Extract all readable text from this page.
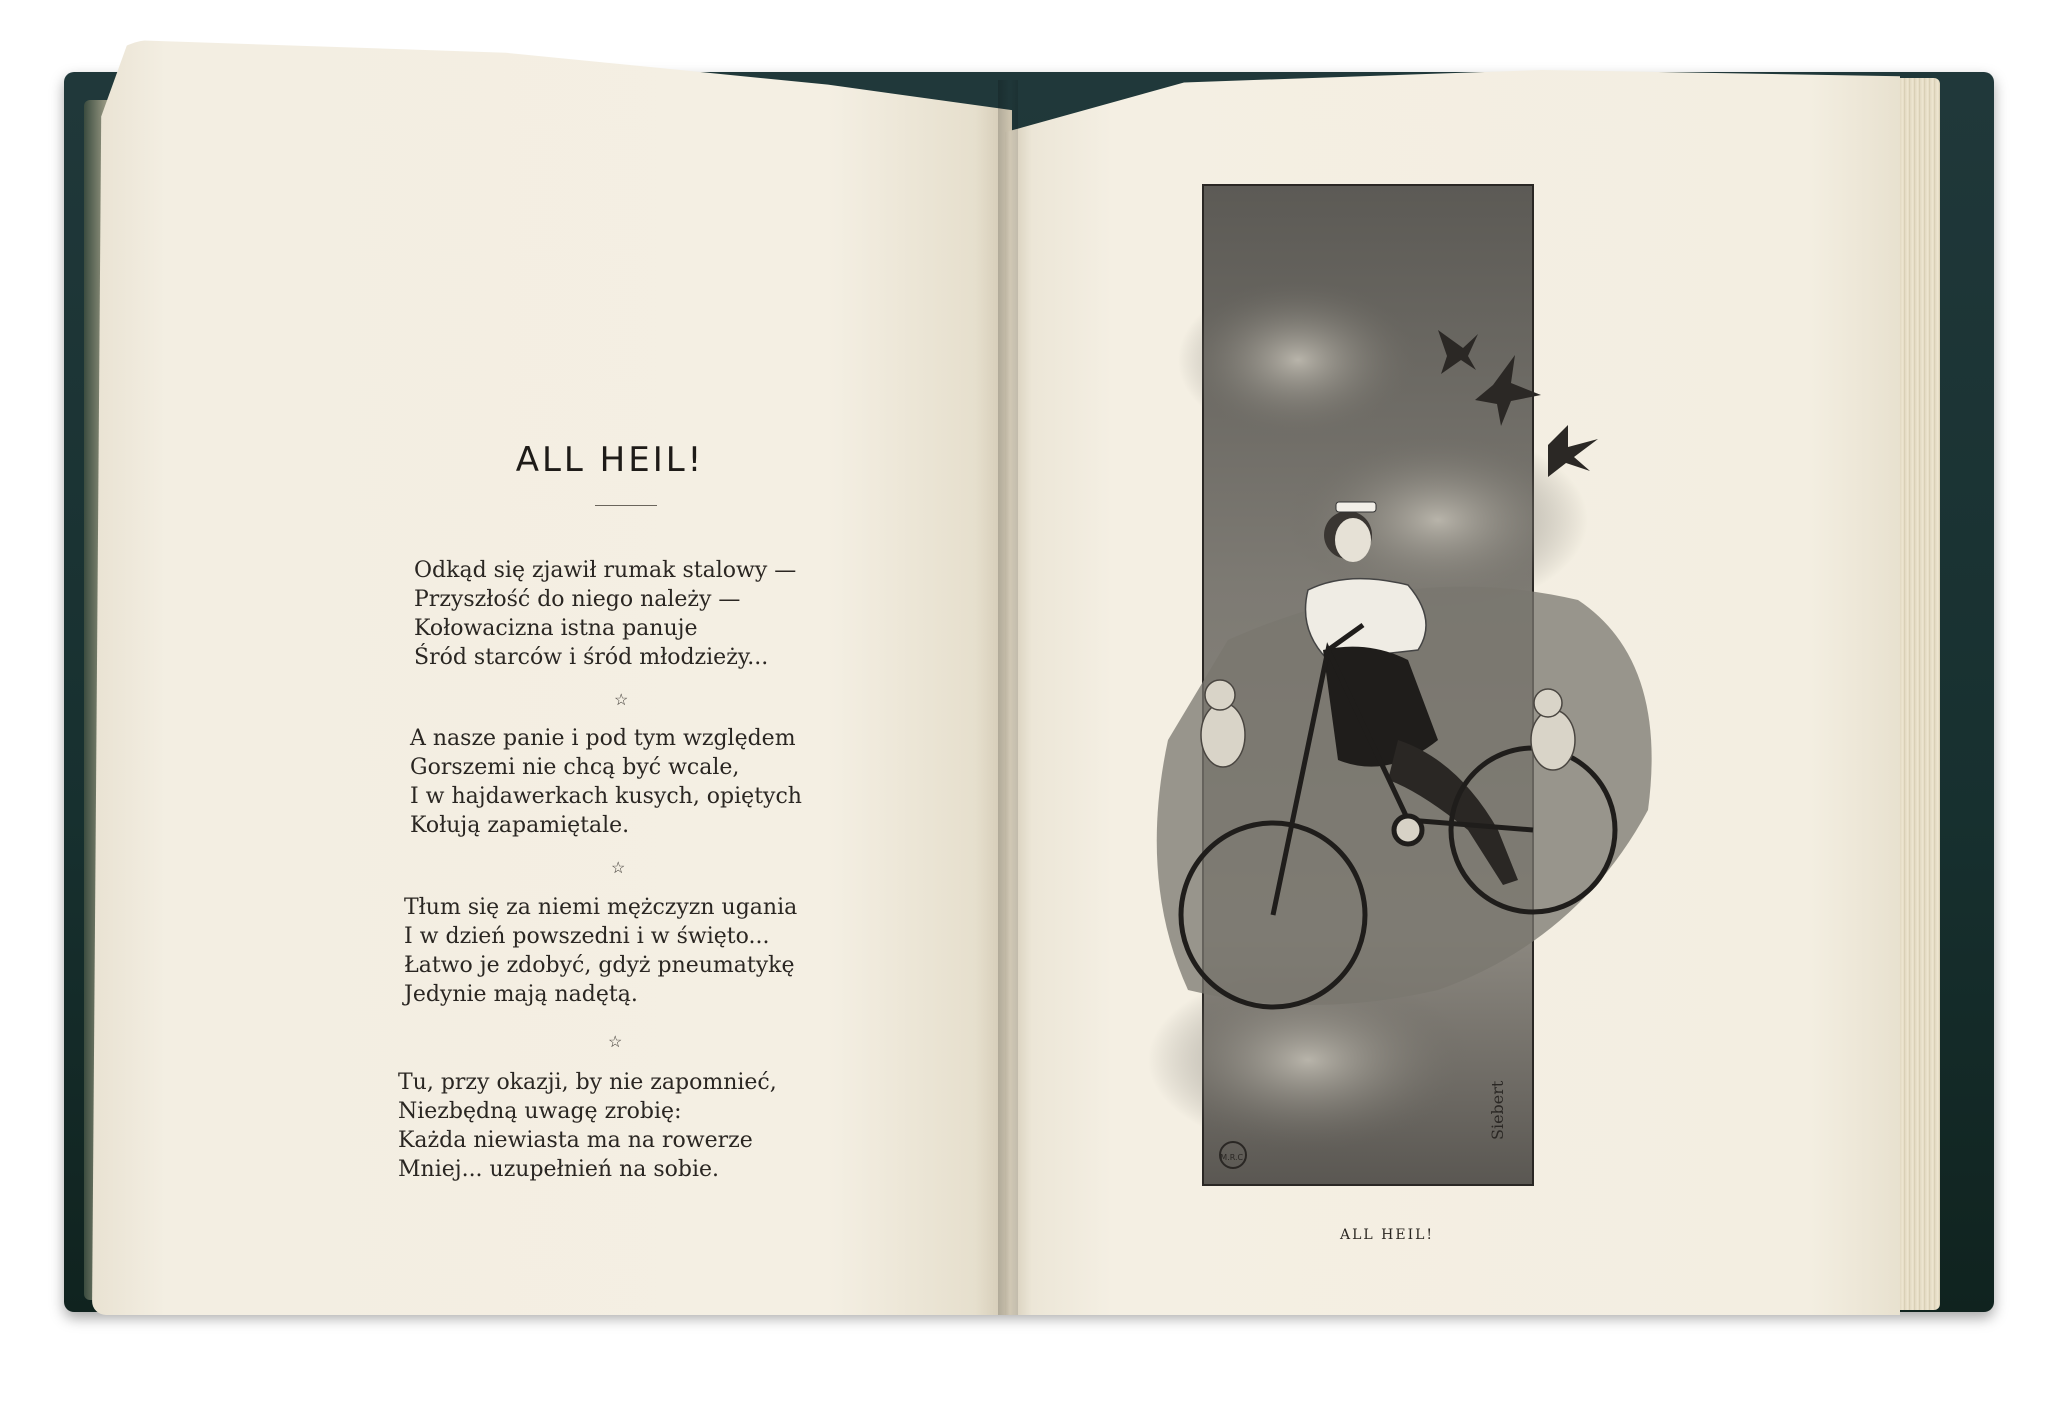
ALL HEIL!
Odkąd się zjawił rumak stalowy —
Przyszłość do niego należy —
Kołowacizna istna panuje
Śród starców i śród młodzieży...
☆
A nasze panie i pod tym względem
Gorszemi nie chcą być wcale,
I w hajdawerkach kusych, opiętych
Kołują zapamiętale.
☆
Tłum się za niemi mężczyzn ugania
I w dzień powszedni i w święto...
Łatwo je zdobyć, gdyż pneumatykę
Jedynie mają nadętą.
☆
Tu, przy okazji, by nie zapomnieć,
Niezbędną uwagę zrobię:
Każda niewiasta ma na rowerze
Mniej... uzupełnień na sobie.
Siebert
M.R.C.
ALL HEIL!
